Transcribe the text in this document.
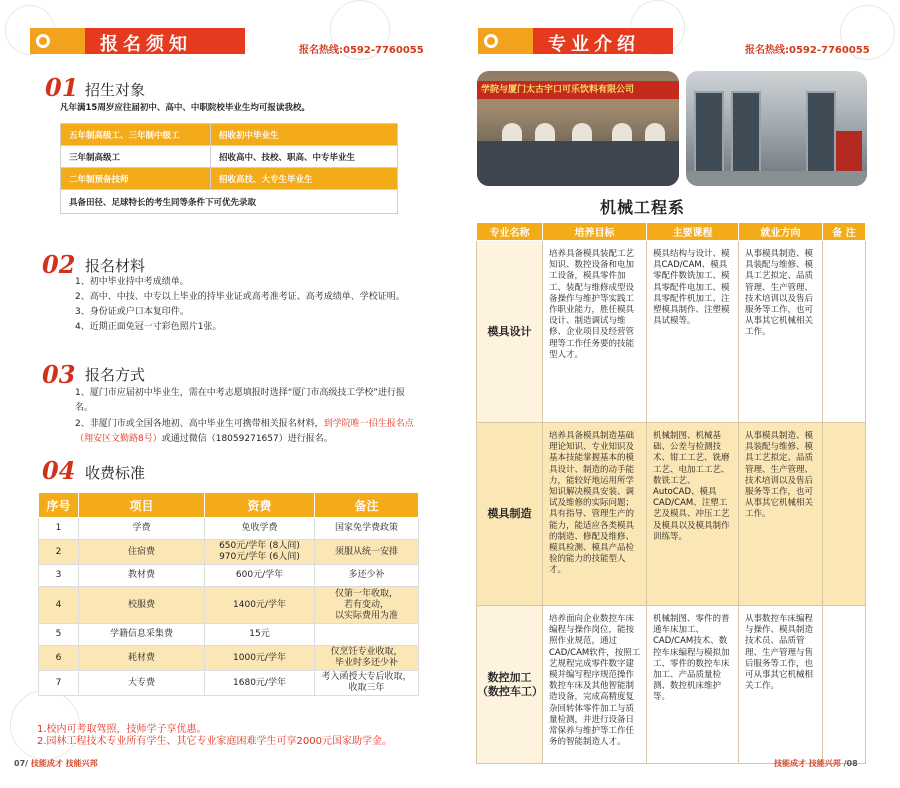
报名须知	报名热线:0592-7760055
01 招生对象
凡年满15周岁应往届初中、高中、中职院校毕业生均可报读我校。
五年制高级工、三年制中级工	招收初中毕业生
三年制高级工	招收高中、技校、职高、中专毕业生
二年制预备技师	招收高技、大专生毕业生
具备田径、足球特长的考生同等条件下可优先录取	
02 报名材料
1、初中毕业持中考成绩单。
2、高中、中技、中专以上毕业的持毕业证或高考准考证、高考成绩单、学校证明。
3、身份证或户口本复印件。
4、近期正面免冠一寸彩色照片1张。
03 报名方式
1、厦门市应届初中毕业生，需在中考志愿填报时选择“厦门市高级技工学校”进行报名。
2、非厦门市或全国各地初、高中毕业生可携带相关报名材料，到学院唯一招生报名点（翔安区文勤路8号）或通过微信（18059271657）进行报名。
04 收费标准
序号	项目	资费	备注
1	学费	免收学费	国家免学费政策
2	住宿费	650元/学年 (8人间)
970元/学年 (6人间)	须服从统一安排
3	教材费	600元/学年	多还少补
4	校服费	1400元/学年	仅第一年收取，
若有变动，
以实际费用为准
5	学籍信息采集费	15元	
6	耗材费	1000元/学年	仅烹饪专业收取，
毕业时多还少补
7	大专费	1680元/学年	考入函授大专后收取，
收取三年
1.校内可考取驾照，技师学子享优惠。
2.园林工程技术专业所有学生、其它专业家庭困难学生可享2000元国家助学金。
07/ 技能成才 技能兴邦
专业介绍	报名热线:0592-7760055
学院与厦门太古宇口可乐饮料有限公司
机械工程系
专业名称	培养目标	主要课程	就业方向	备 注
模具设计	培养具备模具装配工艺知识、数控设备和电加工设备，模具零件加工、装配与维修成型设备操作与维护等实践工作职业能力，胜任模具设计、制造调试与维修、企业项目及经营管理等工作任务要的技能型人才。	模具结构与设计、模具CAD/CAM、模具零配件数铣加工、模具零配件电加工、模具零配件机加工、注塑模具制作、注塑模具试模等。	从事模具制造、模具装配与维修、模具工艺拟定、品质管理、生产管理、技术培训以及售后服务等工作，也可从事其它机械相关工作。	
模具制造	培养具备模具制造基础理论知识、专业知识及基本技能掌握基本的模具设计、制造的动手能力，能较好地运用所学知识解决模具安装、调试及维修的实际问题；具有指导、管理生产的能力，能适应各类模具的制造、修配及维修、模具检测、模具产品检验的能力的技能型人才。	机械制图、机械基础、公差与检测技术、钳工工艺、铣磨工艺、电加工工艺、数铣工艺、AutoCAD、模具CAD/CAM、注塑工艺及模具、冲压工艺及模具以及模具制作训练等。	从事模具制造、模具装配与维修、模具工艺拟定、品质管理、生产管理、技术培训以及售后服务等工作，也可从事其它机械相关工作。	
数控加工
（数控车工）	培养面向企业数控车床编程与操作岗位，能按照作业规范，通过CAD/CAM软件，按照工艺规程完成零件数字建模并编写程序规范操作数控车床及其他智能制造设备，完成高精度复杂回转体零件加工与质量检测，并进行设备日常保养与维护等工作任务的智能制造人才。	机械制图、零件的普通车床加工、CAD/CAM技术、数控车床编程与模拟加工、零件的数控车床加工、产品质量检测、数控机床维护等。	从事数控车床编程与操作、模具制造技术员、品质管理、生产管理与售后服务等工作，也可从事其它机械相关工作。	
技能成才 技能兴邦 /08
